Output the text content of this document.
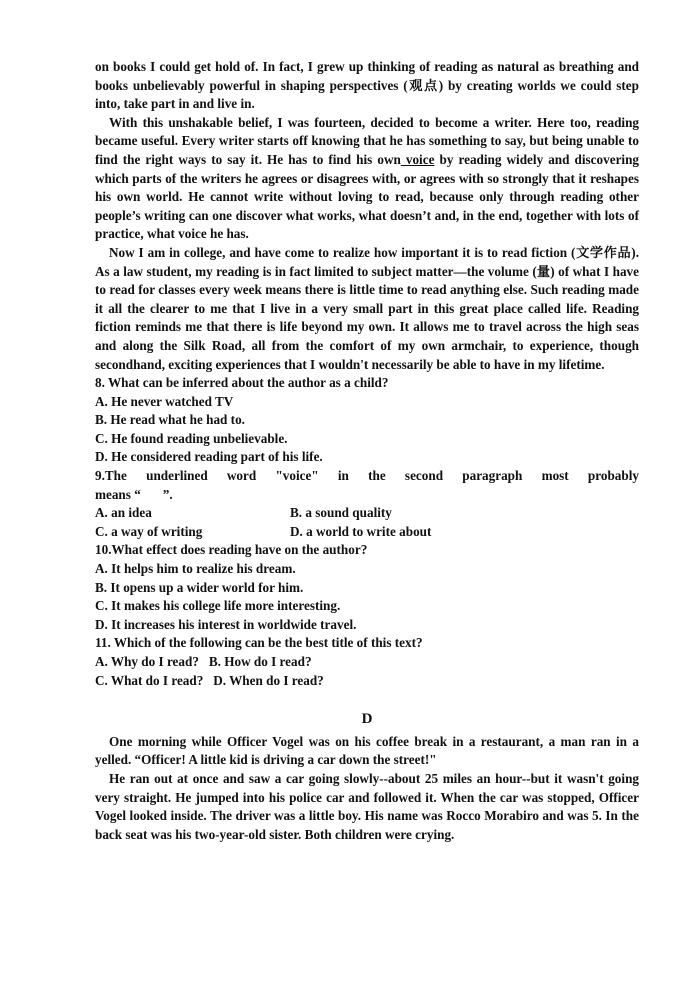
on books I could get hold of. In fact, I grew up thinking of reading as natural as breathing and books unbelievably powerful in shaping perspectives (观点) by creating worlds we could step into, take part in and live in.

With this unshakable belief, I was fourteen, decided to become a writer. Here too, reading became useful. Every writer starts off knowing that he has something to say, but being unable to find the right ways to say it. He has to find his own voice by reading widely and discovering which parts of the writers he agrees or disagrees with, or agrees with so strongly that it reshapes his own world. He cannot write without loving to read, because only through reading other people’s writing can one discover what works, what doesn’t and, in the end, together with lots of practice, what voice he has.

Now I am in college, and have come to realize how important it is to read fiction (文学作品). As a law student, my reading is in fact limited to subject matter—the volume (量) of what I have to read for classes every week means there is little time to read anything else. Such reading made it all the clearer to me that I live in a very small part in this great place called life. Reading fiction reminds me that there is life beyond my own. It allows me to travel across the high seas and along the Silk Road, all from the comfort of my own armchair, to experience, though secondhand, exciting experiences that I wouldn't necessarily be able to have in my lifetime.

8. What can be inferred about the author as a child?

A. He never watched TV

B. He read what he had to.

C. He found reading unbelievable.

D. He considered reading part of his life.

9.The underlined word "voice" in the second paragraph most probably

means “ ”.

A. an idea	B. a sound quality
C. a way of writing	D. a world to write about

10.What effect does reading have on the author?

A. It helps him to realize his dream.

B. It opens up a wider world for him.

C. It makes his college life more interesting.

D. It increases his interest in worldwide travel.

11. Which of the following can be the best title of this text?

A. Why do I read? B. How do I read?

C. What do I read? D. When do I read?

D

One morning while Officer Vogel was on his coffee break in a restaurant, a man ran in a yelled. “Officer! A little kid is driving a car down the street!"

He ran out at once and saw a car going slowly--about 25 miles an hour--but it wasn't going very straight. He jumped into his police car and followed it. When the car was stopped, Officer Vogel looked inside. The driver was a little boy. His name was Rocco Morabiro and was 5. In the back seat was his two-year-old sister. Both children were crying.
